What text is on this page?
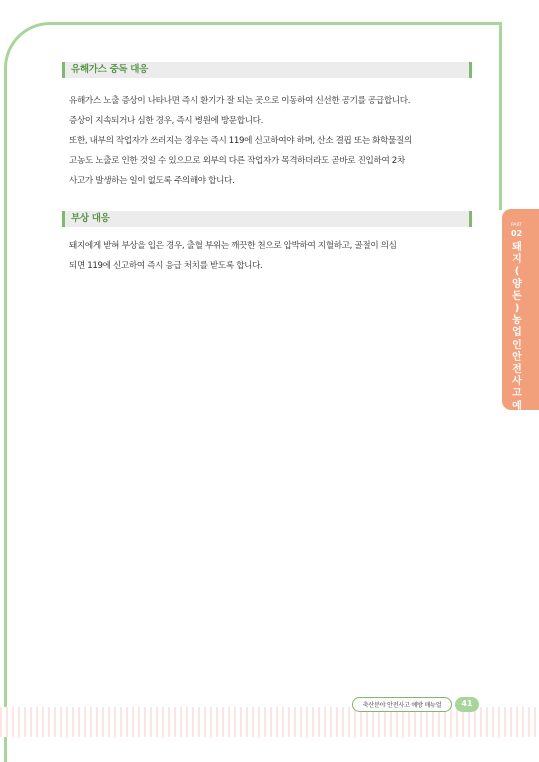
유해가스 중독 대응

유해가스 노출 증상이 나타나면 즉시 환기가 잘 되는 곳으로 이동하여 신선한 공기를 공급합니다.

증상이 지속되거나 심한 경우, 즉시 병원에 방문합니다.

또한, 내부의 작업자가 쓰러지는 경우는 즉시 119에 신고하여야 하며, 산소 결핍 또는 화학물질의

고농도 노출로 인한 것일 수 있으므로 외부의 다른 작업자가 목격하더라도 곧바로 진입하여 2차

사고가 발생하는 일이 없도록 주의해야 합니다.

부상 대응

돼지에게 받혀 부상을 입은 경우, 출혈 부위는 깨끗한 천으로 압박하여 지혈하고, 골절이 의심

되면 119에 신고하여 즉시 응급 처치를 받도록 합니다.

PART
02
돼
지
(
양
돈
)
농
업
인
안
전
사
고
예
방
축산분야 안전사고 예방 매뉴얼	41
